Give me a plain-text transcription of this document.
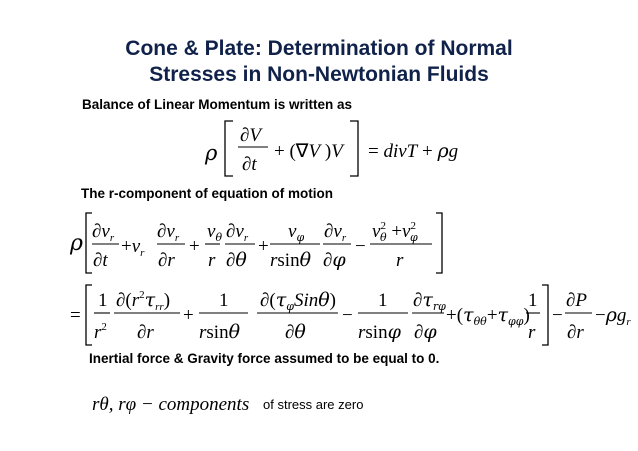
Cone & Plate: Determination of Normal
Stresses in Non-Newtonian Fluids
Balance of Linear Momentum is written as
The r-component of equation of motion
Inertial force & Gravity force assumed to be equal to 0.
ρ
∂V
∂t
+ (∇V )V = divT + ρg
ρ $\partial v_r$
∂t
$+v_r$
$\partial v_r$
∂r
+
$v_\theta$
r
$\partial v_r$
∂θ
+
$v_\varphi$
rsinθ
$\partial v_r$
∂φ
−
$v^2$ $\theta +v^2$ φ
r
=
1
$r^2$
$\partial(r^2\tau_{rr})$
∂r
+
1
rsinθ
$\partial(\tau_\varphi Sin\theta)$
∂θ
−
1
rsinφ
$\partial\tau_{r\varphi}$
∂φ
$+(\tau_{\theta\theta}+\tau_{\varphi\varphi})$
1
r
−
∂P
∂r
$-\rho g_r$
rθ, rφ − components of stress are zero
